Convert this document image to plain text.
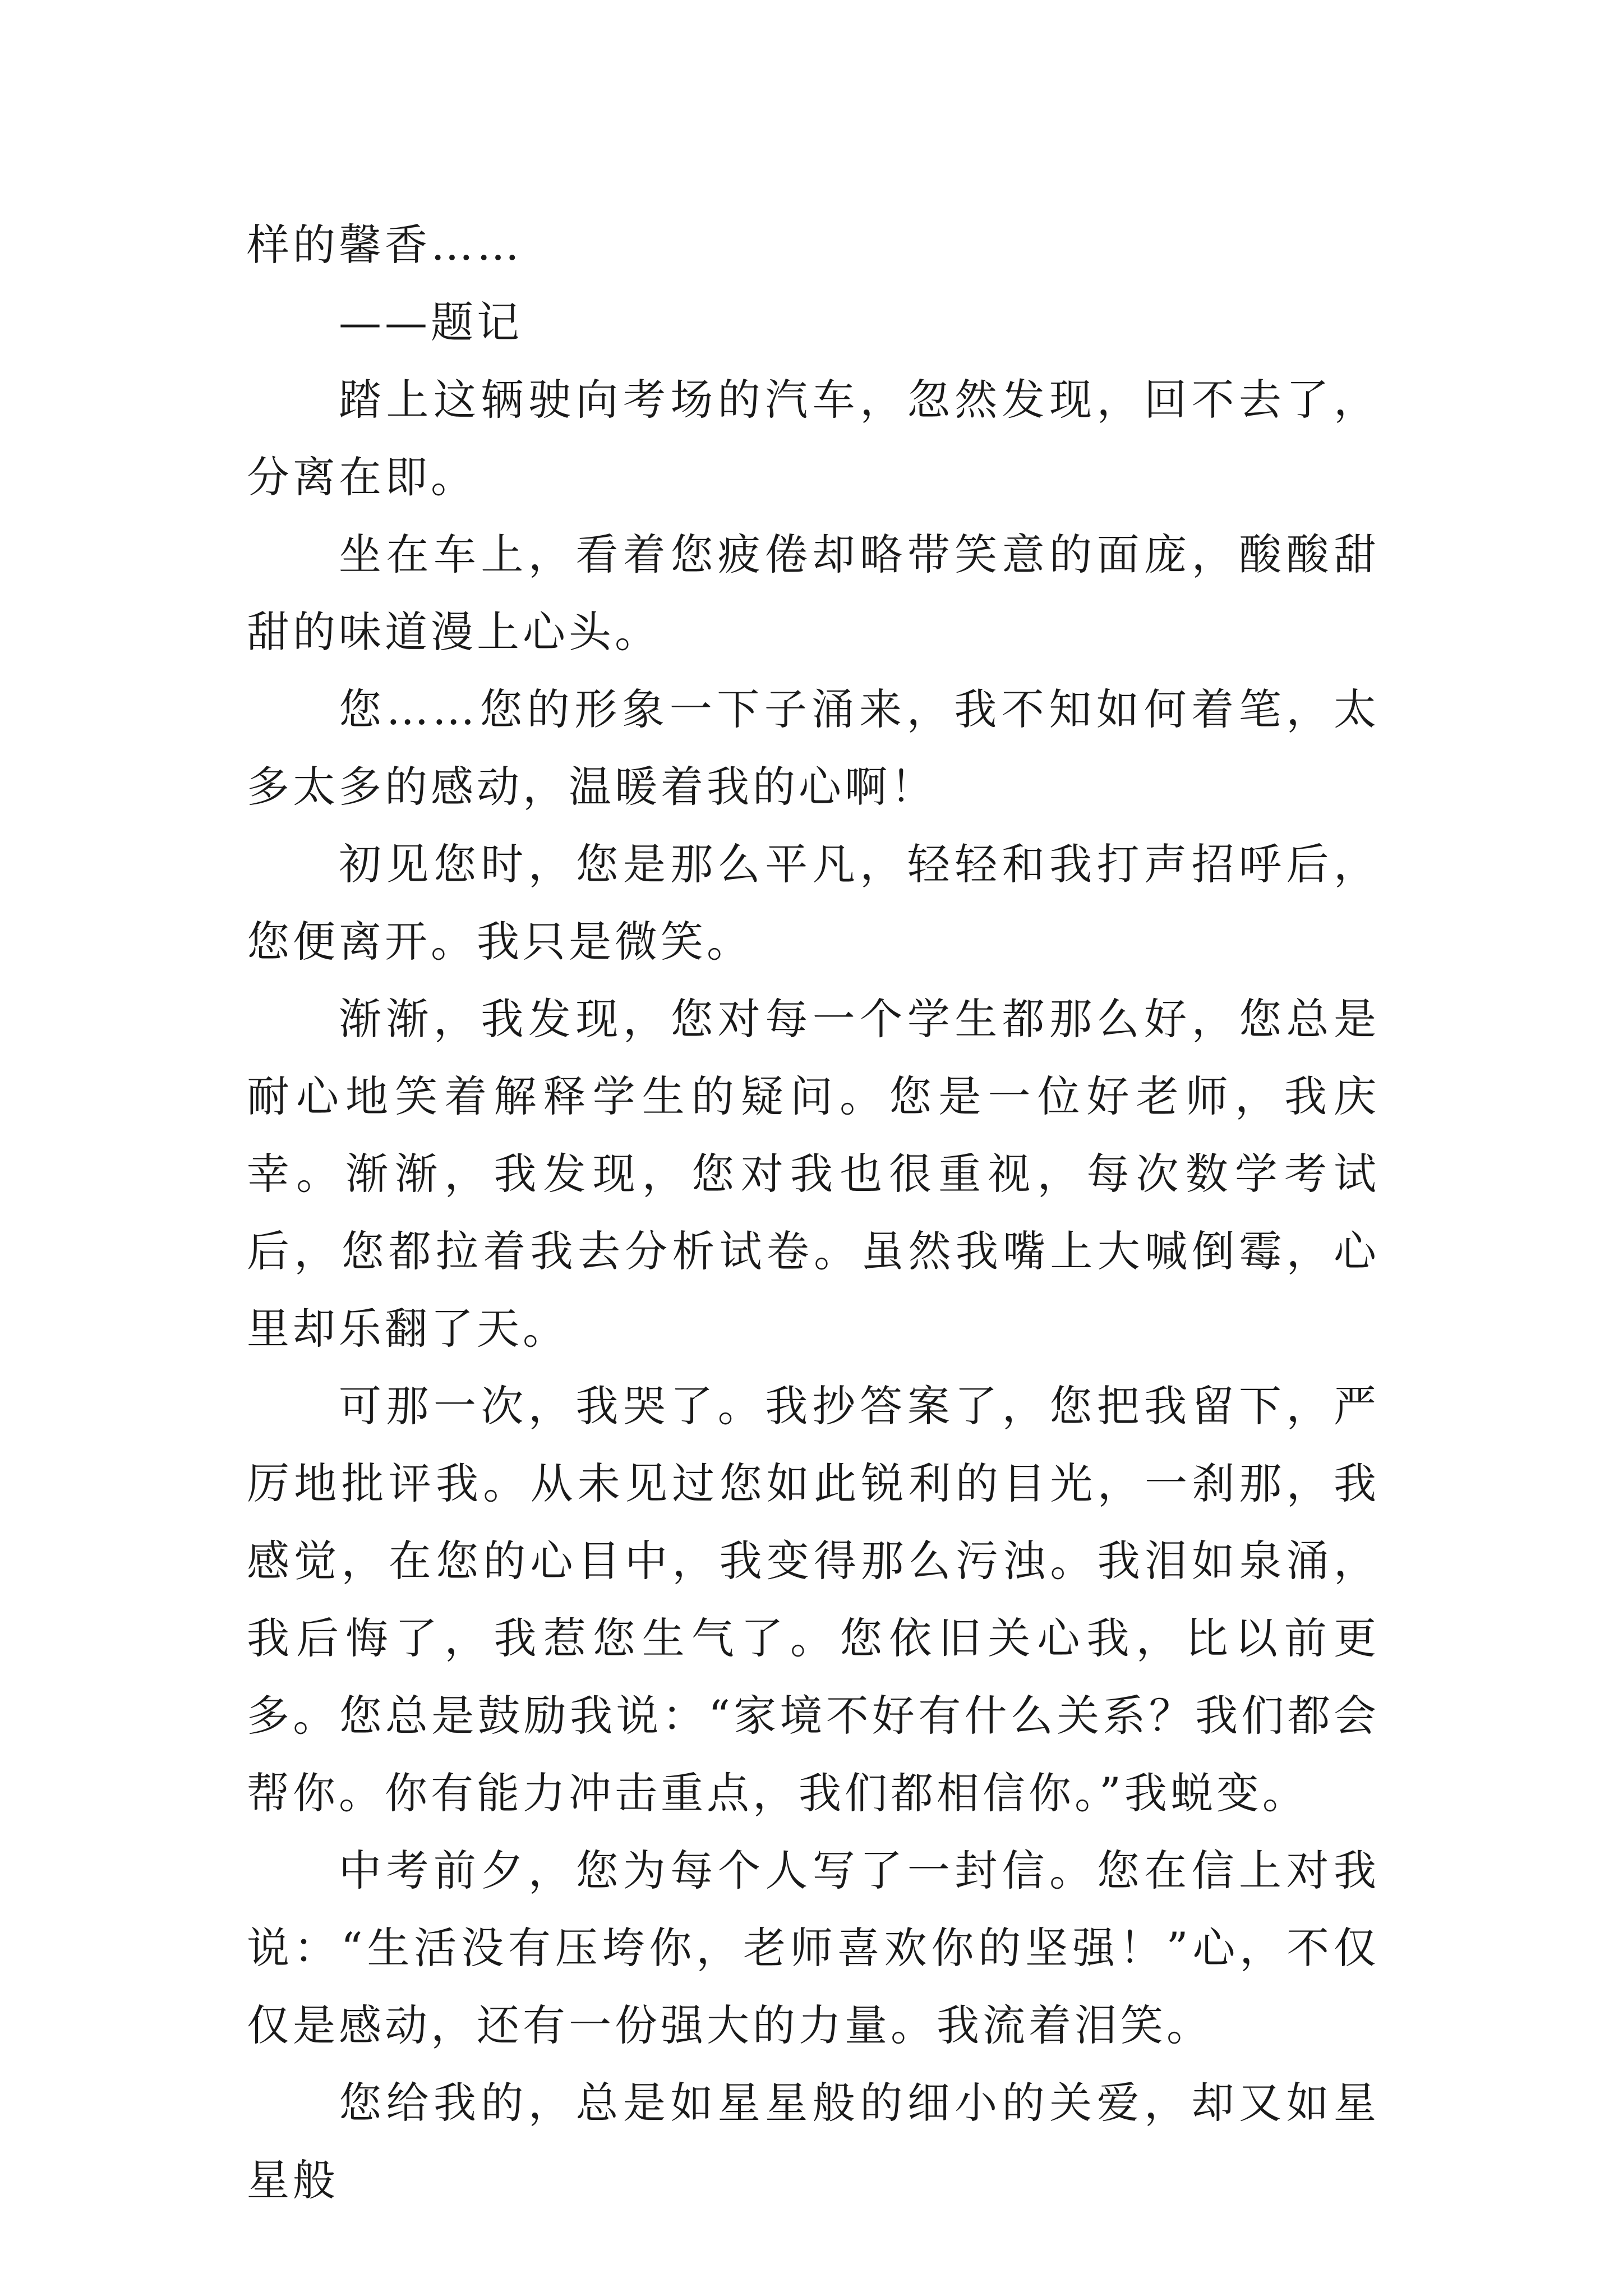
样的馨香……

——题记

踏上这辆驶向考场的汽车，忽然发现，回不去了，分离在即。

坐在车上，看着您疲倦却略带笑意的面庞，酸酸甜甜的味道漫上心头。

您……您的形象一下子涌来，我不知如何着笔，太多太多的感动，温暖着我的心啊！

初见您时，您是那么平凡，轻轻和我打声招呼后，您便离开。我只是微笑。

渐渐，我发现，您对每一个学生都那么好，您总是耐心地笑着解释学生的疑问。您是一位好老师，我庆幸。渐渐，我发现，您对我也很重视，每次数学考试后，您都拉着我去分析试卷。虽然我嘴上大喊倒霉，心里却乐翻了天。

可那一次，我哭了。我抄答案了，您把我留下，严厉地批评我。从未见过您如此锐利的目光，一刹那，我感觉，在您的心目中，我变得那么污浊。我泪如泉涌，我后悔了，我惹您生气了。您依旧关心我，比以前更多。您总是鼓励我说：“家境不好有什么关系？我们都会帮你。你有能力冲击重点，我们都相信你。”我蜕变。

中考前夕，您为每个人写了一封信。您在信上对我说：“生活没有压垮你，老师喜欢你的坚强！”心，不仅仅是感动，还有一份强大的力量。我流着泪笑。

您给我的，总是如星星般的细小的关爱，却又如星星般
